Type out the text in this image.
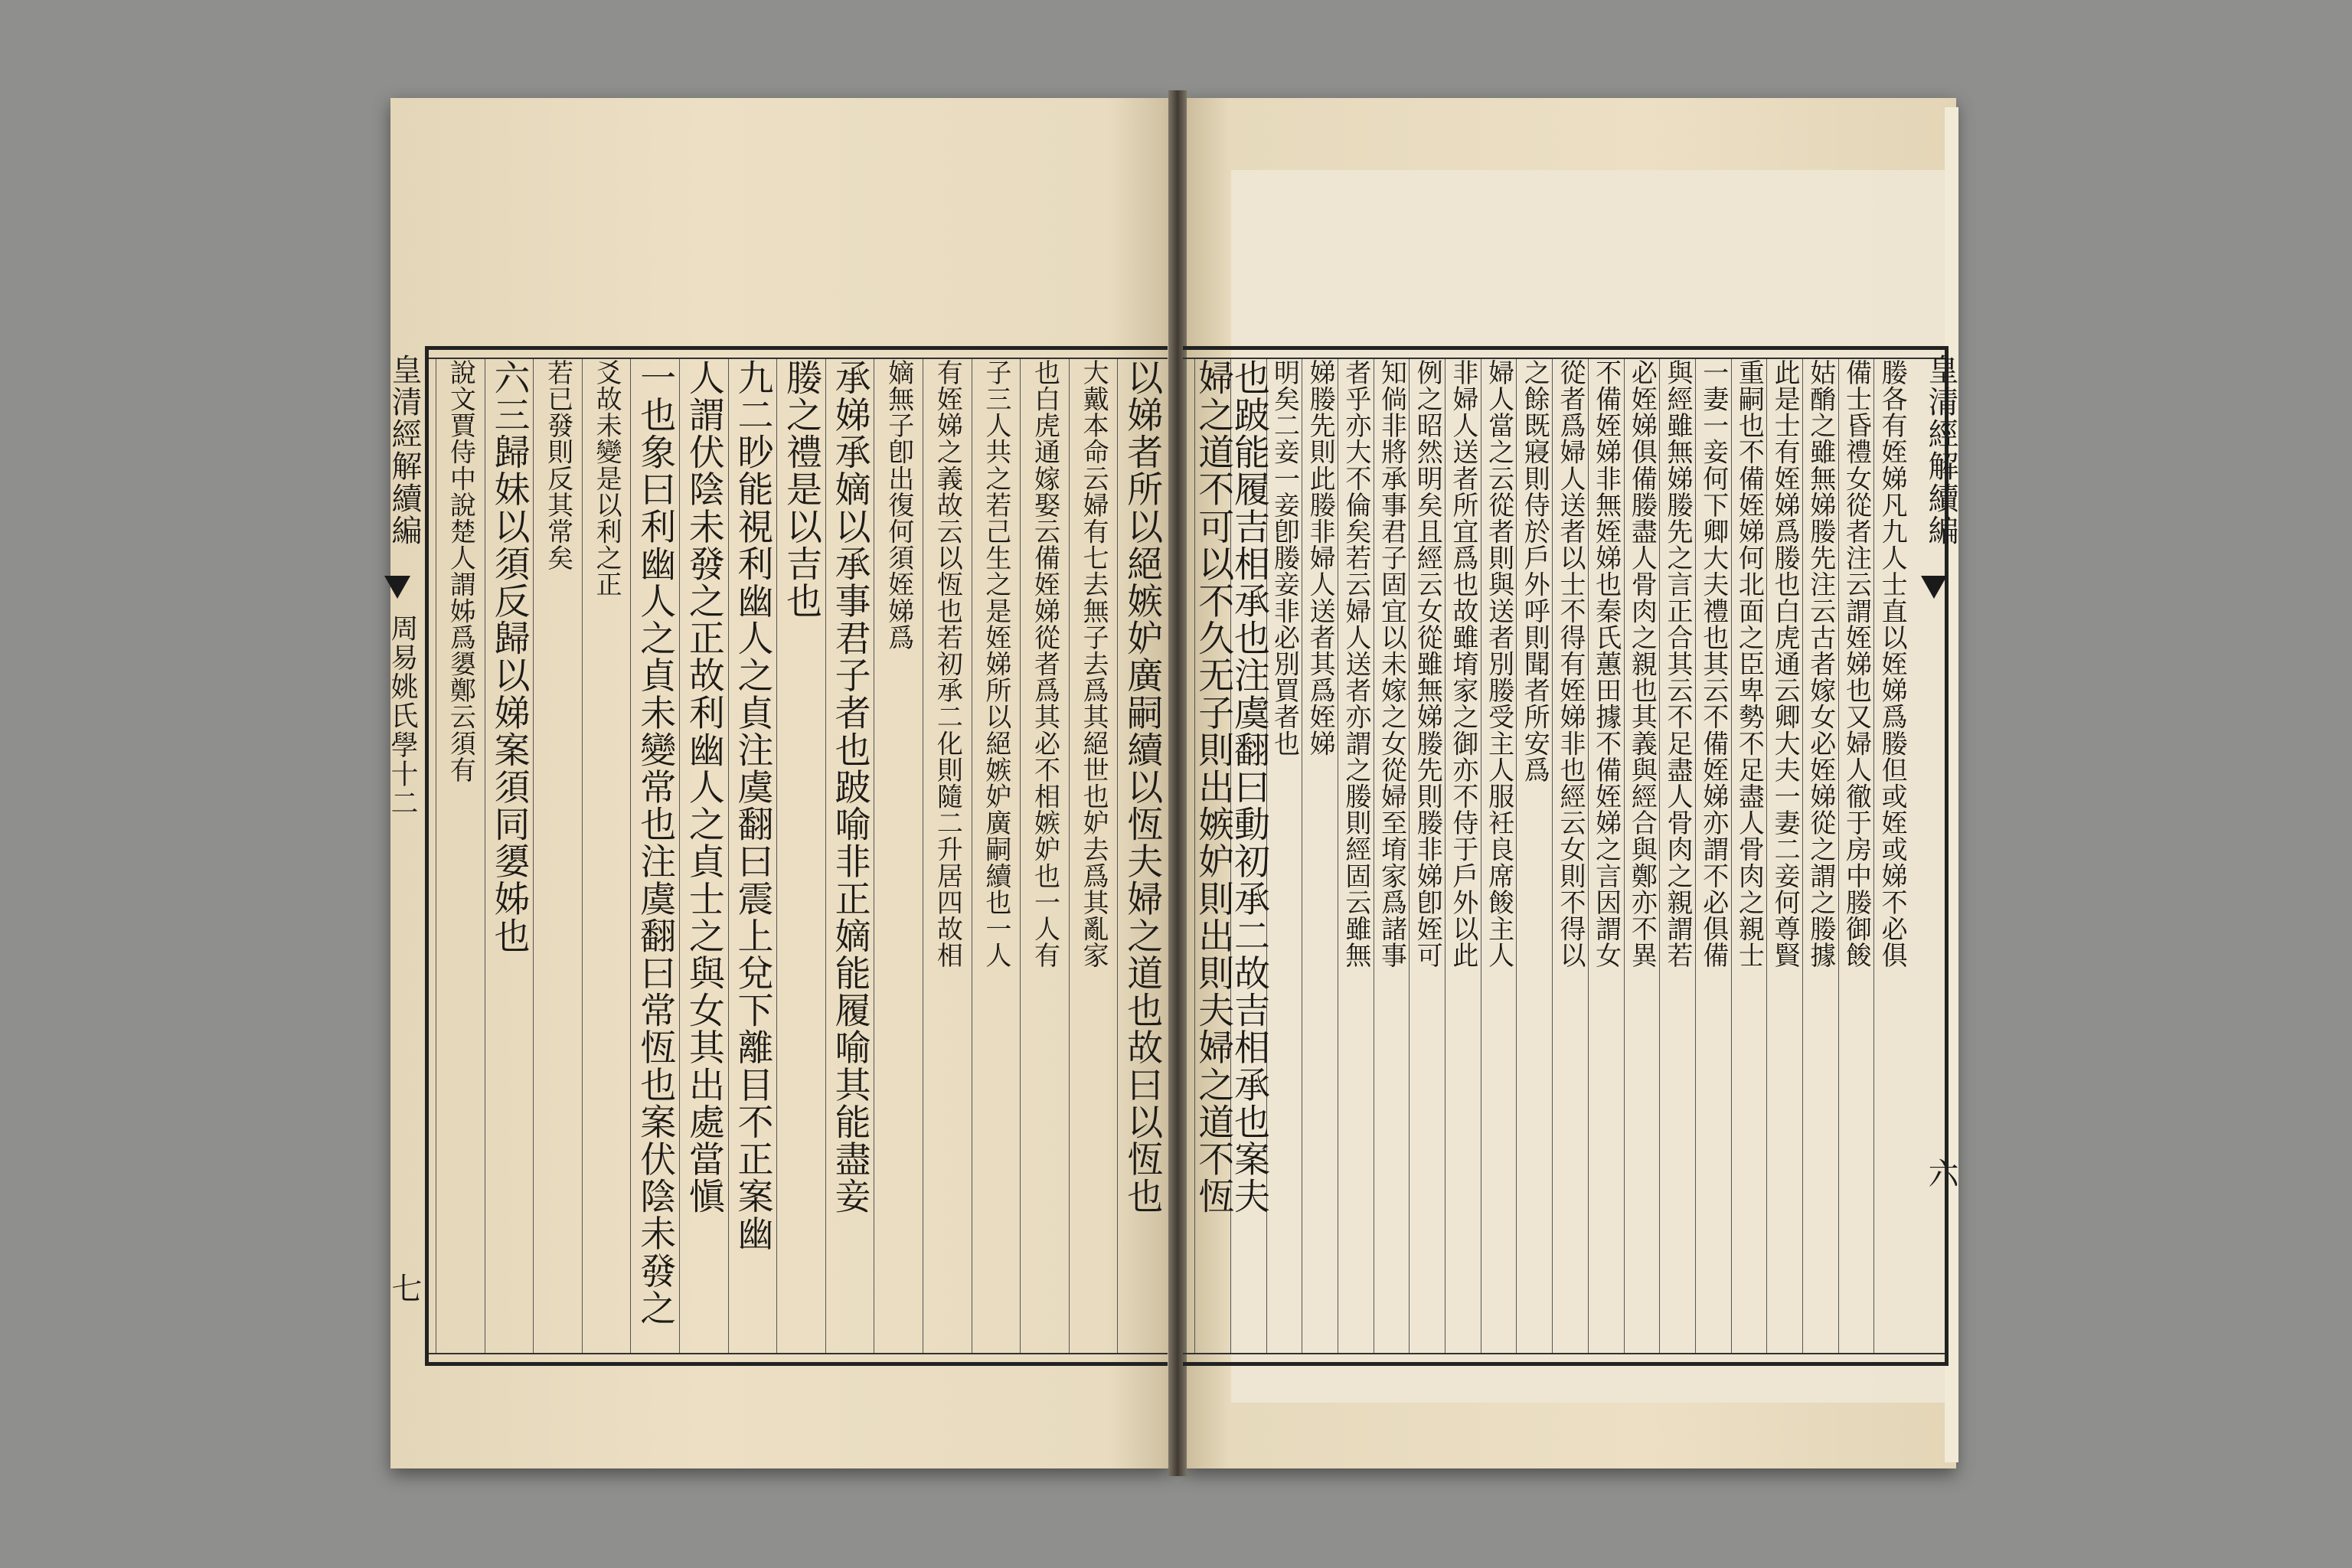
以娣者所以絕嫉妒廣嗣續以恆夫婦之道也故曰以恆也
大戴本命云婦有七去無子去爲其絕世也妒去爲其亂家
也白虎通嫁娶云備姪娣從者爲其必不相嫉妒也一人有
子三人共之若己生之是姪娣所以絕嫉妒廣嗣續也一人
有姪娣之義故云以恆也若初承二化則隨二升居四故相
嫡無子卽出復何須姪娣爲
承娣承嫡以承事君子者也跛喻非正嫡能履喻其能盡妾
媵之禮是以吉也
九二眇能視利幽人之貞注虞翻曰震上兌下離目不正案幽
人謂伏陰未發之正故利幽人之貞士之與女其出處當愼
一也象曰利幽人之貞未變常也注虞翻曰常恆也案伏陰未發之
爻故未變是以利之正
若已發則反其常矣
六三歸妹以須反歸以娣案須同嬃姊也
說文賈侍中說楚人謂姊爲嬃鄭云須有
皇清經解續編
周易姚氏學十二
七
媵各有姪娣凡九人士直以姪娣爲媵但或姪或娣不必俱
備士昏禮女從者注云謂姪娣也又婦人徹于房中媵御餕
姑酳之雖無娣媵先注云古者嫁女必姪娣從之謂之媵據
此是士有姪娣爲媵也白虎通云卿大夫一妻二妾何尊賢
重嗣也不備姪娣何北面之臣卑勢不足盡人骨肉之親士
一妻一妾何下卿大夫禮也其云不備姪娣亦謂不必俱備
與經雖無娣媵先之言正合其云不足盡人骨肉之親謂若
必姪娣俱備媵盡人骨肉之親也其義與經合與鄭亦不異
不備姪娣非無姪娣也秦氏蕙田據不備姪娣之言因謂女
從者爲婦人送者以士不得有姪娣非也經云女則不得以
之餘既寢則侍於戶外呼則聞者所安爲
婦人當之云從者則與送者別媵受主人服衽良席餕主人
非婦人送者所宜爲也故雖堉家之御亦不侍于戶外以此
例之昭然明矣且經云女從雖無娣媵先則媵非娣卽姪可
知倘非將承事君子固宜以未嫁之女從婦至堉家爲諸事
者乎亦大不倫矣若云婦人送者亦謂之媵則經固云雖無
娣媵先則此媵非婦人送者其爲姪娣
明矣二妾一妾卽媵妾非必別買者也
也跛能履吉相承也注虞翻曰動初承二故吉相承也案夫
婦之道不可以不久无子則出嫉妒則出則夫婦之道不恆	皇清經解續編
六
